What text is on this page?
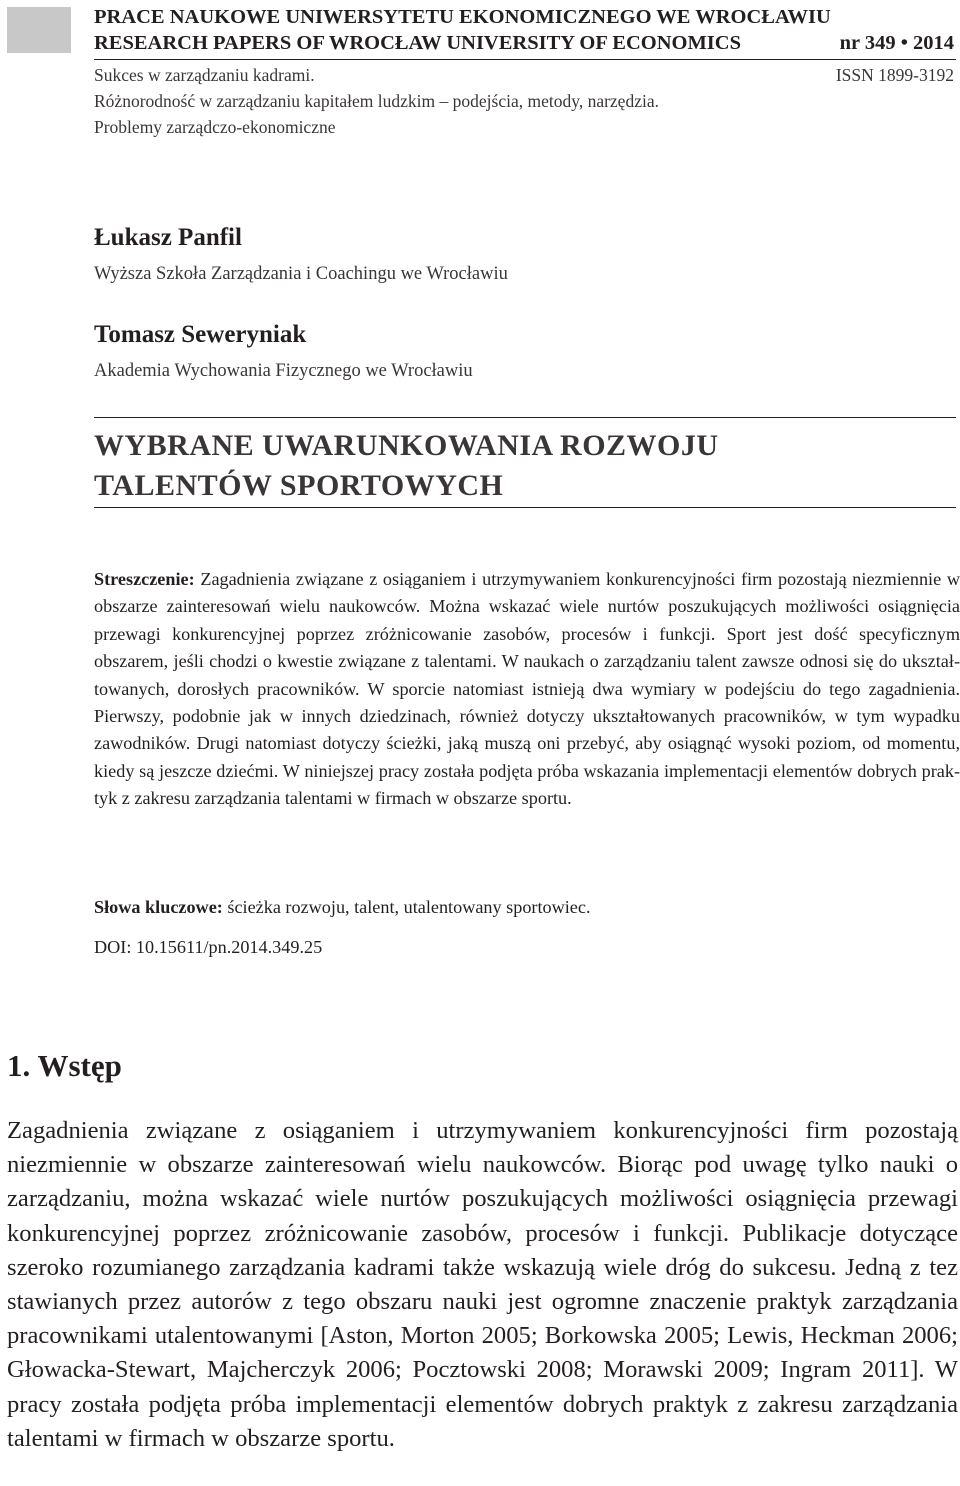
PRACE NAUKOWE UNIWERSYTETU EKONOMICZNEGO WE WROCŁAWIU
RESEARCH PAPERS OF WROCŁAW UNIVERSITY OF ECONOMICS	nr 349 • 2014
Sukces w zarządzaniu kadrami.	ISSN 1899-3192
Różnorodność w zarządzaniu kapitałem ludzkim – podejścia, metody, narzędzia.
Problemy zarządczo-ekonomiczne
Łukasz Panfil
Wyższa Szkoła Zarządzania i Coachingu we Wrocławiu
Tomasz Seweryniak
Akademia Wychowania Fizycznego we Wrocławiu
WYBRANE UWARUNKOWANIA ROZWOJU
TALENTÓW SPORTOWYCH
Streszczenie: Zagadnienia związane z osiąganiem i utrzymywaniem konkurencyjności firm pozostają niezmiennie w obszarze zainteresowań wielu naukowców. Można wskazać wiele nurtów poszukujących możliwości osiągnięcia przewagi konkurencyjnej poprzez zróżnicowanie zasobów, procesów i funkcji. Sport jest dość specyficznym obszarem, jeśli chodzi o kwestie związane z talentami. W naukach o zarządzaniu talent zawsze odnosi się do ukształtowanych, dorosłych pracowników. W sporcie natomiast istnieją dwa wymiary w podejściu do tego zagadnienia. Pierwszy, podobnie jak w innych dziedzinach, również dotyczy ukształtowanych pracowników, w tym wypadku zawodników. Drugi natomiast dotyczy ścieżki, jaką muszą oni przebyć, aby osiągnąć wysoki poziom, od momentu, kiedy są jeszcze dziećmi. W niniejszej pracy została podjęta próba wskazania implementacji elementów dobrych praktyk z zakresu zarządzania talentami w firmach w obszarze sportu.
Słowa kluczowe: ścieżka rozwoju, talent, utalentowany sportowiec.
DOI: 10.15611/pn.2014.349.25
1. Wstęp
Zagadnienia związane z osiąganiem i utrzymywaniem konkurencyjności firm pozostają niezmiennie w obszarze zainteresowań wielu naukowców. Biorąc pod uwagę tylko nauki o zarządzaniu, można wskazać wiele nurtów poszukujących możliwości osiągnięcia przewagi konkurencyjnej poprzez zróżnicowanie zasobów, procesów i funkcji. Publikacje dotyczące szeroko rozumianego zarządzania kadrami także wskazują wiele dróg do sukcesu. Jedną z tez stawianych przez autorów z tego obszaru nauki jest ogromne znaczenie praktyk zarządzania pracownikami utalentowanymi [Aston, Morton 2005; Borkowska 2005; Lewis, Heckman 2006; Głowacka-Stewart, Majcherczyk 2006; Pocztowski 2008; Morawski 2009; Ingram 2011]. W pracy została podjęta próba implementacji elementów dobrych praktyk z zakresu zarządzania talentami w firmach w obszarze sportu.
